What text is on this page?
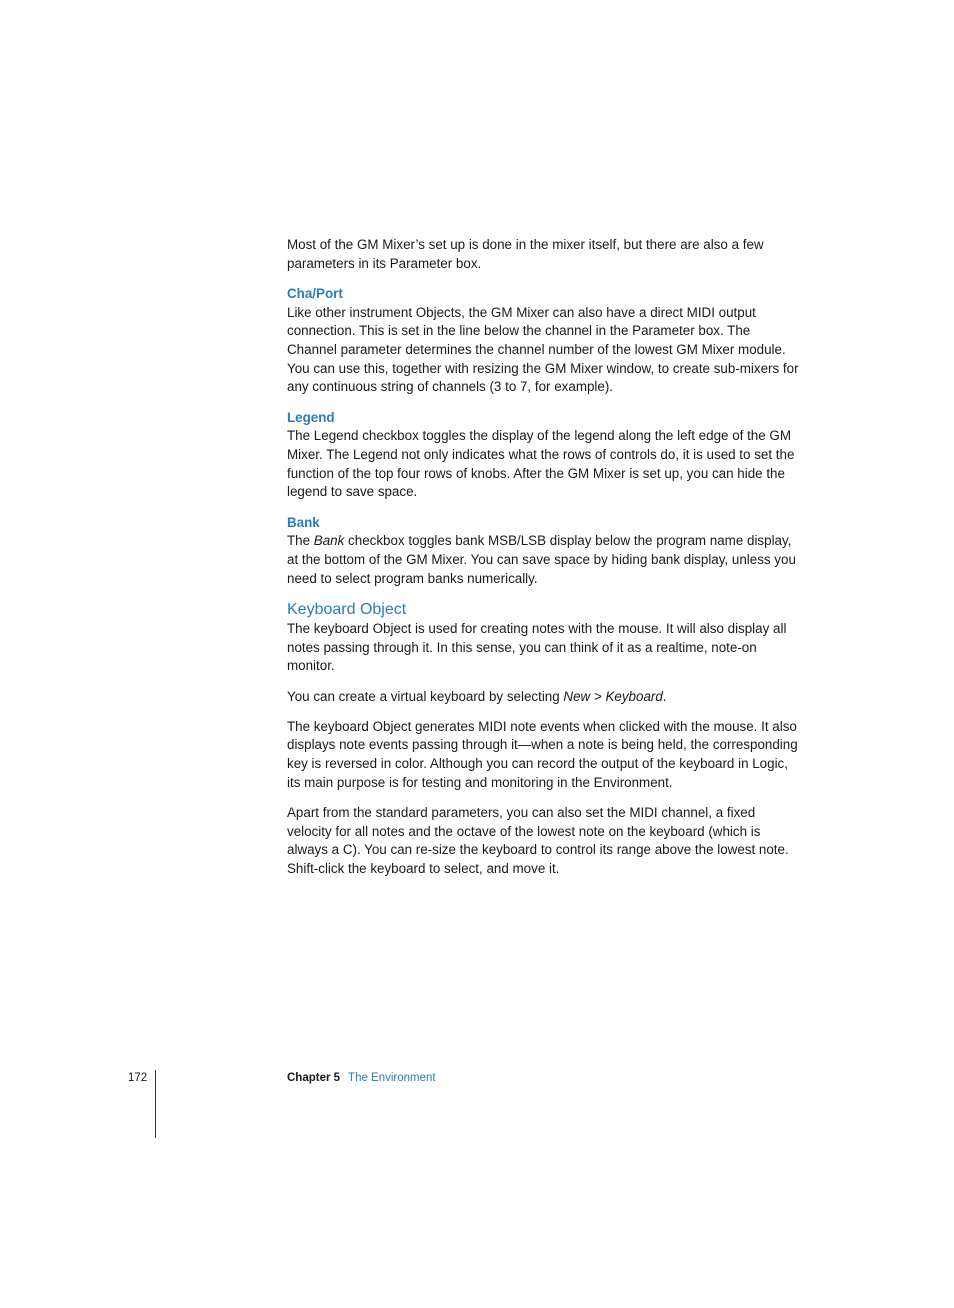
Most of the GM Mixer’s set up is done in the mixer itself, but there are also a few parameters in its Parameter box.

Cha/Port

Like other instrument Objects, the GM Mixer can also have a direct MIDI output connection. This is set in the line below the channel in the Parameter box. The Channel parameter determines the channel number of the lowest GM Mixer module. You can use this, together with resizing the GM Mixer window, to create sub-mixers for any continuous string of channels (3 to 7, for example).

Legend

The Legend checkbox toggles the display of the legend along the left edge of the GM Mixer. The Legend not only indicates what the rows of controls do, it is used to set the function of the top four rows of knobs. After the GM Mixer is set up, you can hide the legend to save space.

Bank

The Bank checkbox toggles bank MSB/LSB display below the program name display, at the bottom of the GM Mixer. You can save space by hiding bank display, unless you need to select program banks numerically.

Keyboard Object

The keyboard Object is used for creating notes with the mouse. It will also display all notes passing through it. In this sense, you can think of it as a realtime, note-on monitor.

You can create a virtual keyboard by selecting New > Keyboard.

The keyboard Object generates MIDI note events when clicked with the mouse. It also displays note events passing through it—when a note is being held, the corresponding key is reversed in color. Although you can record the output of the keyboard in Logic, its main purpose is for testing and monitoring in the Environment.

Apart from the standard parameters, you can also set the MIDI channel, a fixed velocity for all notes and the octave of the lowest note on the keyboard (which is always a C). You can re-size the keyboard to control its range above the lowest note. Shift-click the keyboard to select, and move it.

172	Chapter 5 The Environment
